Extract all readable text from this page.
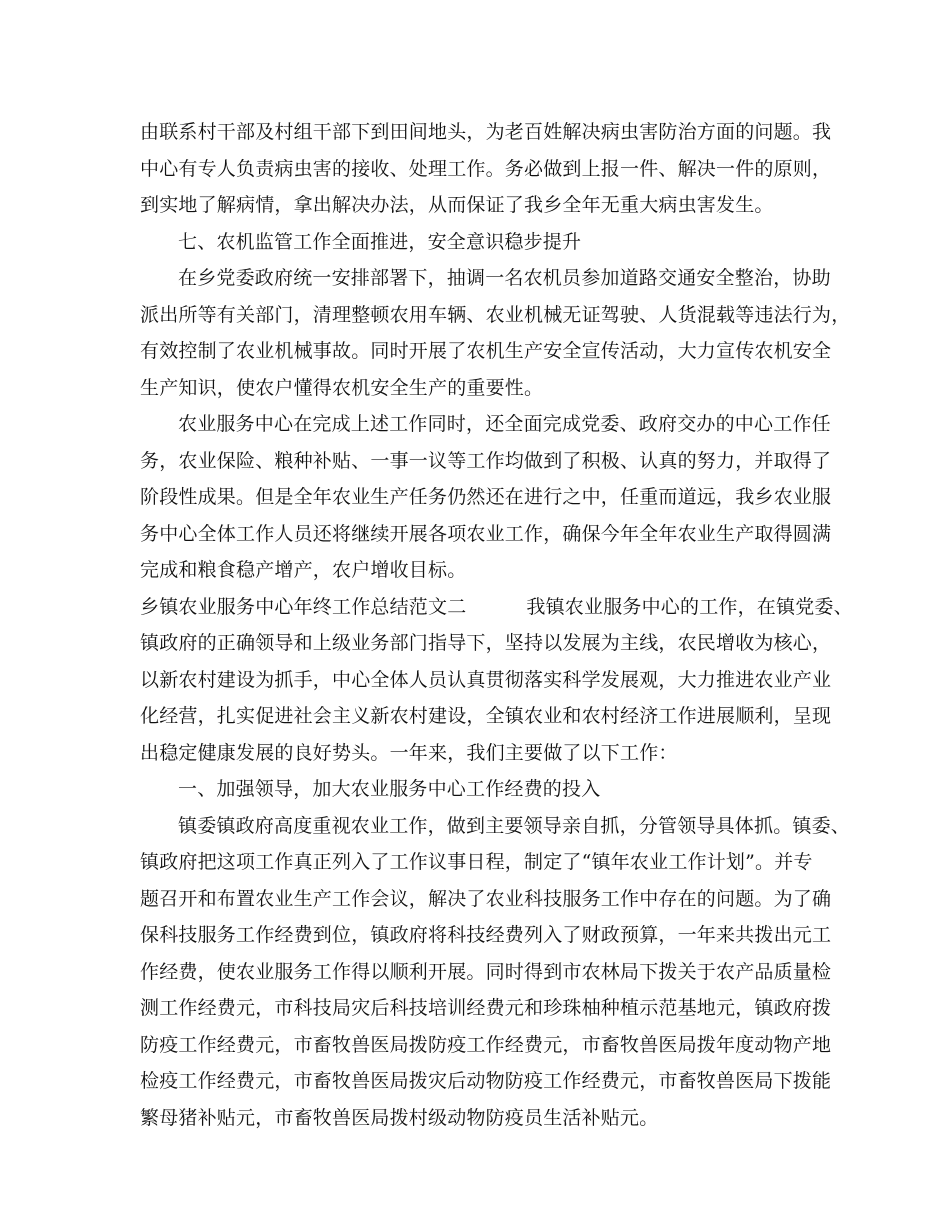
由联系村干部及村组干部下到田间地头，为老百姓解决病虫害防治方面的问题。我
中心有专人负责病虫害的接收、处理工作。务必做到上报一件、解决一件的原则，
到实地了解病情，拿出解决办法，从而保证了我乡全年无重大病虫害发生。
七、农机监管工作全面推进，安全意识稳步提升
在乡党委政府统一安排部署下，抽调一名农机员参加道路交通安全整治，协助
派出所等有关部门，清理整顿农用车辆、农业机械无证驾驶、人货混载等违法行为，
有效控制了农业机械事故。同时开展了农机生产安全宣传活动，大力宣传农机安全
生产知识，使农户懂得农机安全生产的重要性。
农业服务中心在完成上述工作同时，还全面完成党委、政府交办的中心工作任
务，农业保险、粮种补贴、一事一议等工作均做到了积极、认真的努力，并取得了
阶段性成果。但是全年农业生产任务仍然还在进行之中，任重而道远，我乡农业服
务中心全体工作人员还将继续开展各项农业工作，确保今年全年农业生产取得圆满
完成和粮食稳产增产，农户增收目标。
乡镇农业服务中心年终工作总结范文二	我镇农业服务中心的工作，在镇党委、
镇政府的正确领导和上级业务部门指导下，坚持以发展为主线，农民增收为核心，
以新农村建设为抓手，中心全体人员认真贯彻落实科学发展观，大力推进农业产业
化经营，扎实促进社会主义新农村建设，全镇农业和农村经济工作进展顺利，呈现
出稳定健康发展的良好势头。一年来，我们主要做了以下工作：
一、加强领导，加大农业服务中心工作经费的投入
镇委镇政府高度重视农业工作，做到主要领导亲自抓，分管领导具体抓。镇委、
镇政府把这项工作真正列入了工作议事日程，制定了“镇年农业工作计划”。并专
题召开和布置农业生产工作会议，解决了农业科技服务工作中存在的问题。为了确
保科技服务工作经费到位，镇政府将科技经费列入了财政预算，一年来共拨出元工
作经费，使农业服务工作得以顺利开展。同时得到市农林局下拨关于农产品质量检
测工作经费元，市科技局灾后科技培训经费元和珍珠柚种植示范基地元，镇政府拨
防疫工作经费元，市畜牧兽医局拨防疫工作经费元，市畜牧兽医局拨年度动物产地
检疫工作经费元，市畜牧兽医局拨灾后动物防疫工作经费元，市畜牧兽医局下拨能
繁母猪补贴元，市畜牧兽医局拨村级动物防疫员生活补贴元。
